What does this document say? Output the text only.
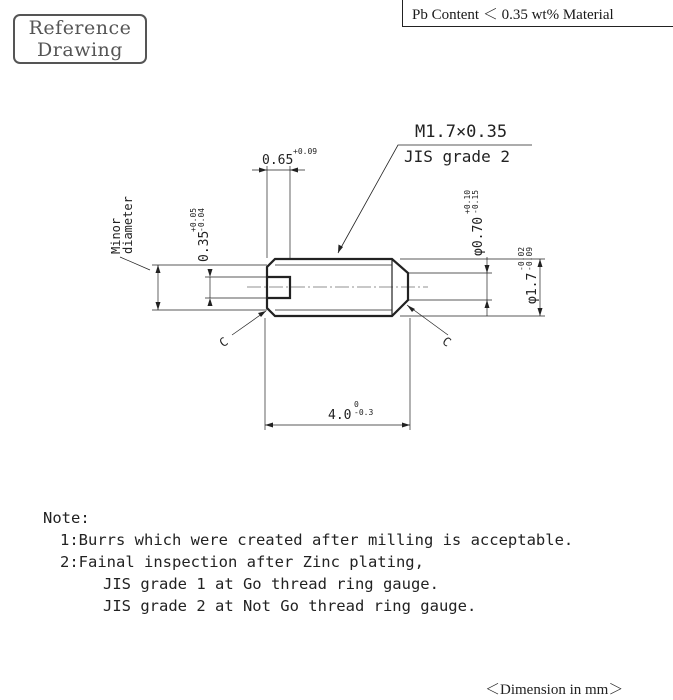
Reference
Drawing
Pb Content ＜ 0.35 wt% Material
M1.7×0.35
JIS grade 2
0.65
+0.09
0.35
+0.05 -0.04
Minor
diameter	φ0.70
+0.10 -0.15
φ1.7
-0.02 -0.09
4.0
0
-0.3
C	C
Note:
1:Burrs which were created after milling is acceptable.
2:Fainal inspection after Zinc plating,
JIS grade 1 at Go thread ring gauge.
JIS grade 2 at Not Go thread ring gauge.
＜Dimension in mm＞
